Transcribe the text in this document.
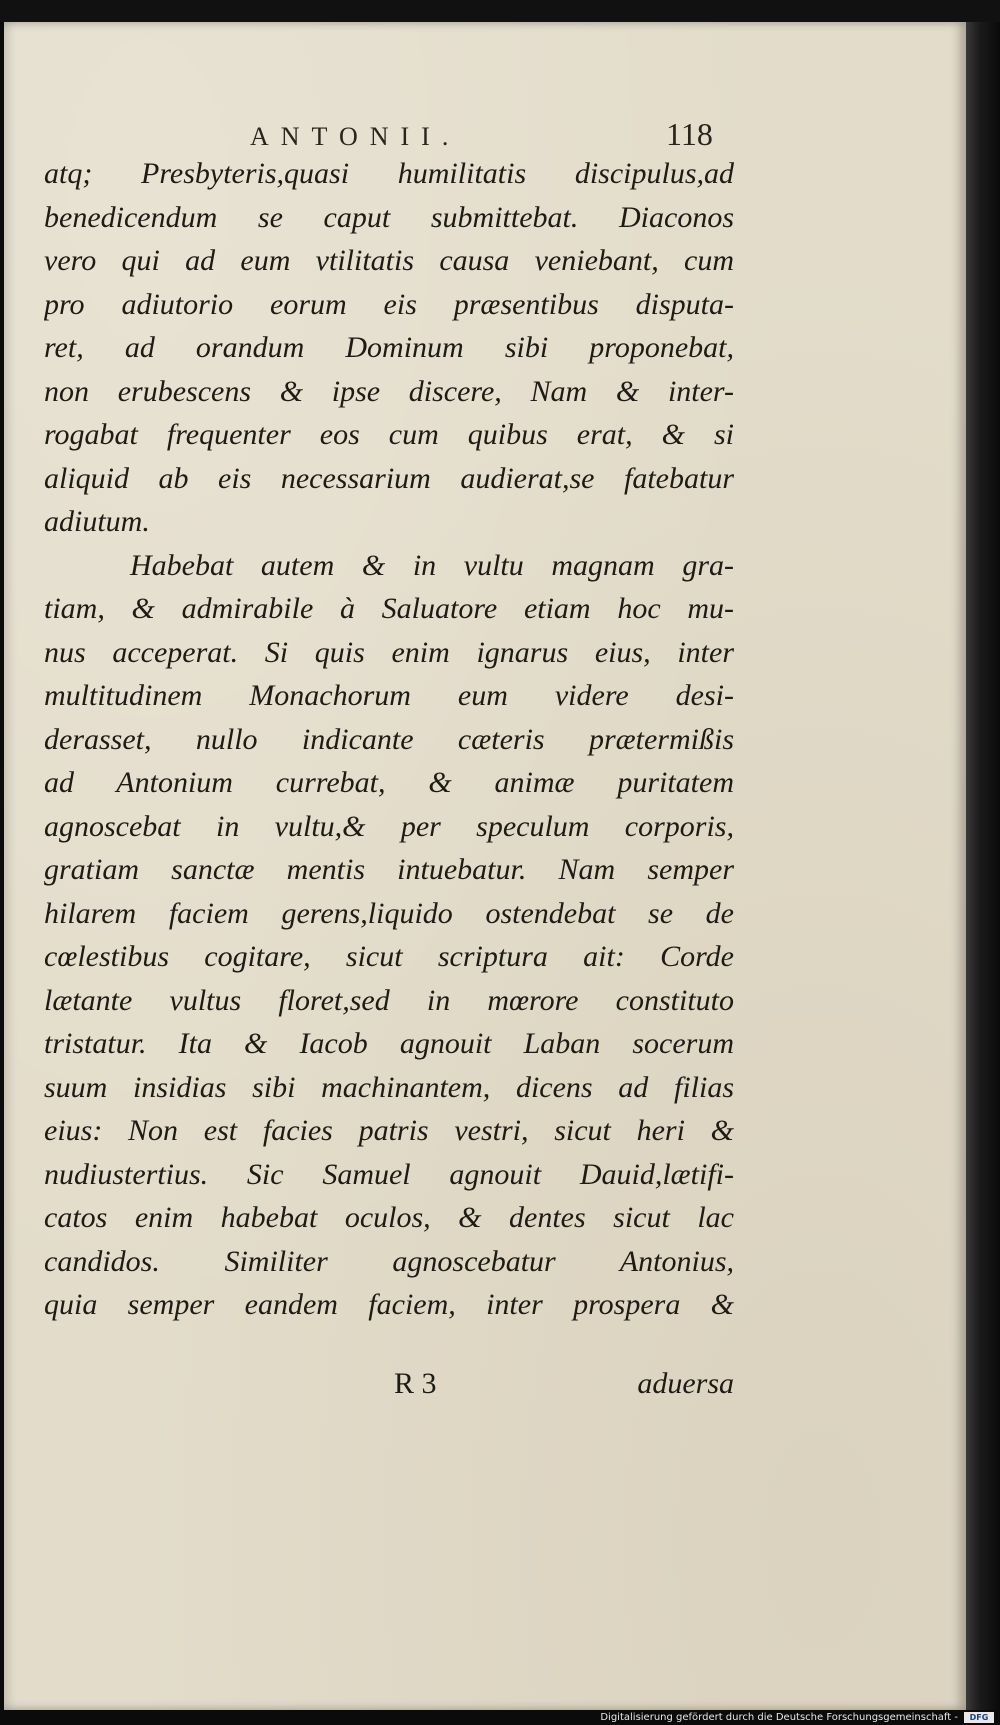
ANTONII.	118
atq; Presbyteris,quasi humilitatis discipulus,ad
benedicendum se caput submittebat. Diaconos
vero qui ad eum vtilitatis causa veniebant, cum
pro adiutorio eorum eis præsentibus disputa-
ret, ad orandum Dominum sibi proponebat,
non erubescens & ipse discere, Nam & inter-
rogabat frequenter eos cum quibus erat, & si
aliquid ab eis necessarium audierat,se fatebatur
adiutum.
Habebat autem & in vultu magnam gra-
tiam, & admirabile à Saluatore etiam hoc mu-
nus acceperat. Si quis enim ignarus eius, inter
multitudinem Monachorum eum videre desi-
derasset, nullo indicante cæteris prætermißis
ad Antonium currebat, & animæ puritatem
agnoscebat in vultu,& per speculum corporis,
gratiam sanctæ mentis intuebatur. Nam semper
hilarem faciem gerens,liquido ostendebat se de
cœlestibus cogitare, sicut scriptura ait: Corde
lætante vultus floret,sed in mœrore constituto
tristatur. Ita & Iacob agnouit Laban socerum
suum insidias sibi machinantem, dicens ad filias
eius: Non est facies patris vestri, sicut heri &
nudiustertius. Sic Samuel agnouit Dauid,lætifi-
catos enim habebat oculos, & dentes sicut lac
candidos. Similiter agnoscebatur Antonius,
quia semper eandem faciem, inter prospera &
R 3	aduersa
Digitalisierung gefördert durch die Deutsche Forschungsgemeinschaft -	DFG
